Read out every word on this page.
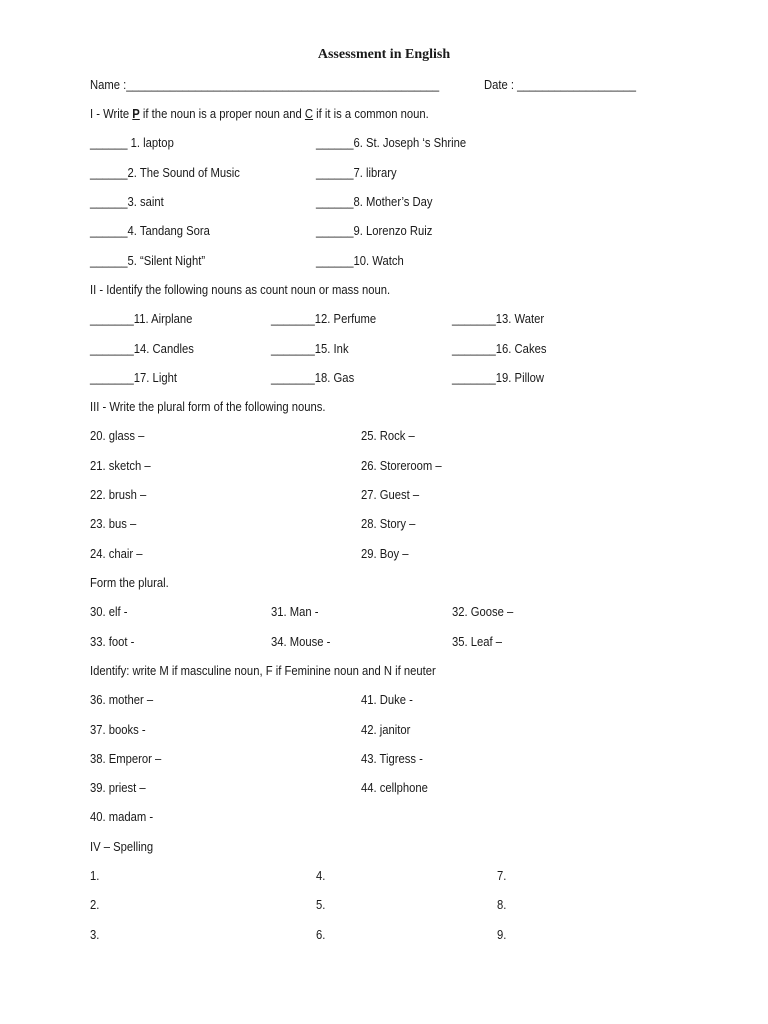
Assessment in English
Name :__________________________________________________	Date : ___________________
I - Write P if the noun is a proper noun and C if it is a common noun.
______ 1. laptop	______6. St. Joseph ‘s Shrine
______2. The Sound of Music	______7. library
______3. saint	______8. Mother’s Day
______4. Tandang Sora	______9. Lorenzo Ruiz
______5. “Silent Night”	______10. Watch
II - Identify the following nouns as count noun or mass noun.
_______11. Airplane	_______12. Perfume	_______13. Water
_______14. Candles	_______15. Ink	_______16. Cakes
_______17. Light	_______18. Gas	_______19. Pillow
III - Write the plural form of the following nouns.
20. glass –	25. Rock –
21. sketch –	26. Storeroom –
22. brush –	27. Guest –
23. bus –	28. Story –
24. chair –	29. Boy –
Form the plural.
30. elf -	31. Man -	32. Goose –
33. foot -	34. Mouse -	35. Leaf –
Identify: write M if masculine noun, F if Feminine noun and N if neuter
36. mother –	41. Duke -
37. books -	42. janitor
38. Emperor –	43. Tigress -
39. priest –	44. cellphone
40. madam -
IV – Spelling
1.	4.	7.
2.	5.	8.
3.	6.	9.
